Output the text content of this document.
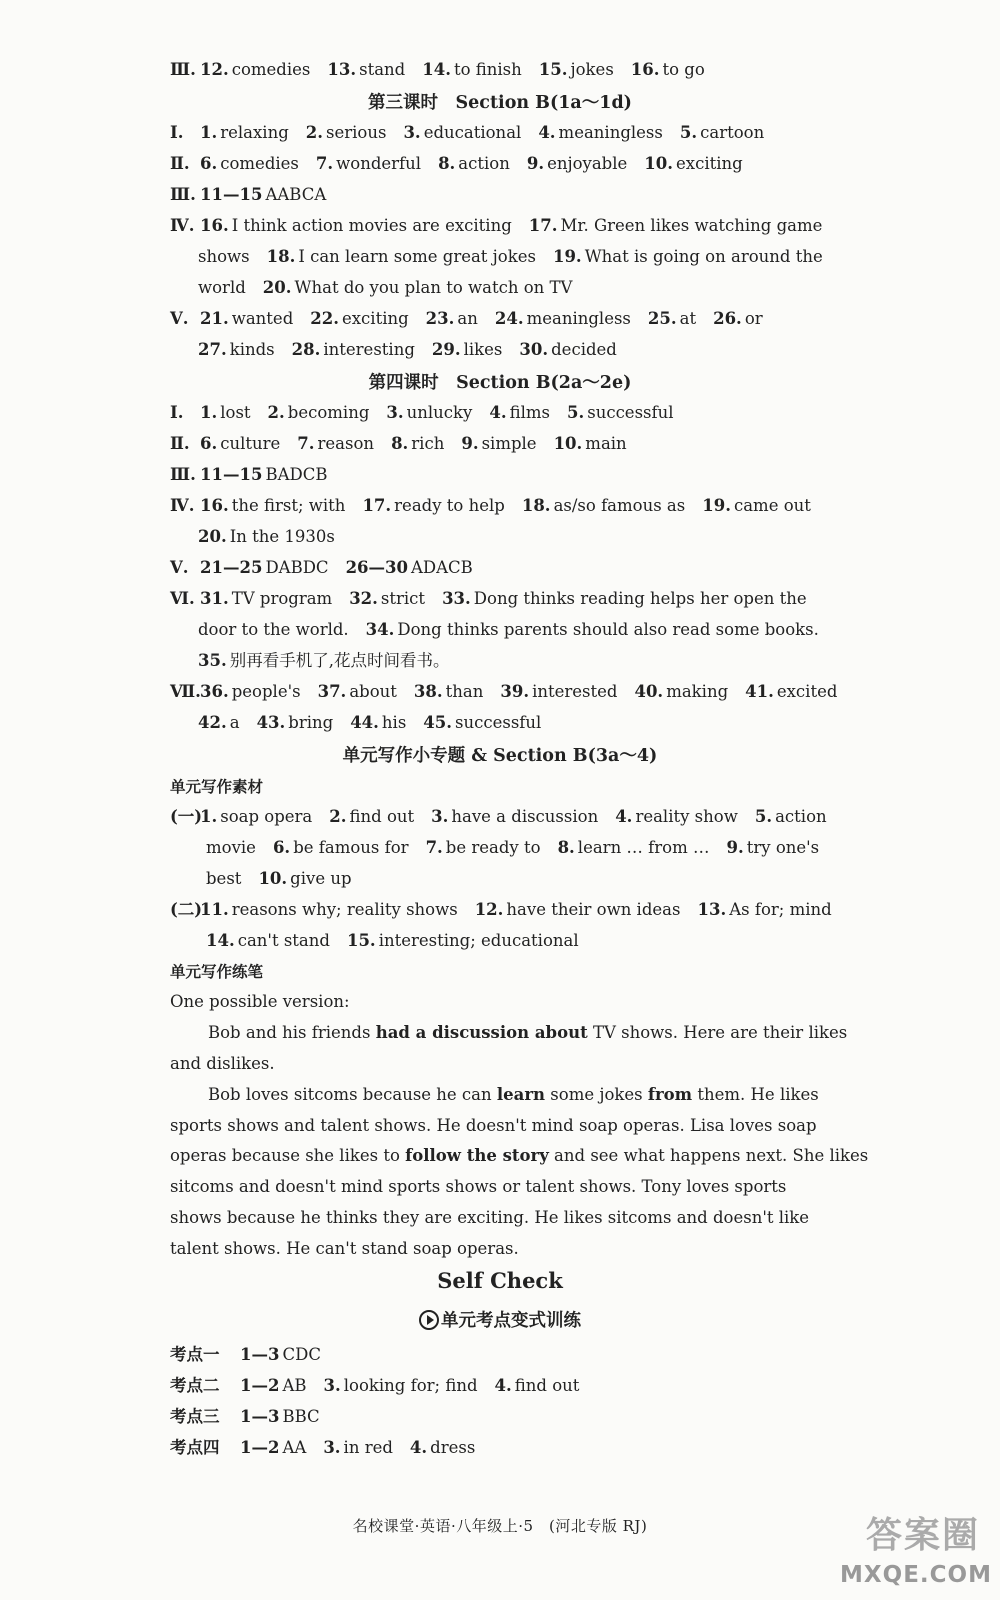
Ⅲ. 12. comedies 13. stand 14. to finish 15. jokes 16. to go
第三课时　Section B(1a～1d)
Ⅰ. 1. relaxing 2. serious 3. educational 4. meaningless 5. cartoon
Ⅱ. 6. comedies 7. wonderful 8. action 9. enjoyable 10. exciting
Ⅲ. 11—15 AABCA
Ⅳ. 16. I think action movies are exciting 17. Mr. Green likes watching game
shows 18. I can learn some great jokes 19. What is going on around the
world 20. What do you plan to watch on TV
Ⅴ. 21. wanted 22. exciting 23. an 24. meaningless 25. at 26. or
27. kinds 28. interesting 29. likes 30. decided
第四课时　Section B(2a～2e)
Ⅰ. 1. lost 2. becoming 3. unlucky 4. films 5. successful
Ⅱ. 6. culture 7. reason 8. rich 9. simple 10. main
Ⅲ. 11—15 BADCB
Ⅳ. 16. the first; with 17. ready to help 18. as/so famous as 19. came out
20. In the 1930s
Ⅴ. 21—25 DABDC 26—30 ADACB
Ⅵ. 31. TV program 32. strict 33. Dong thinks reading helps her open the
door to the world. 34. Dong thinks parents should also read some books.
35. 别再看手机了,花点时间看书。
Ⅶ.36. people's 37. about 38. than 39. interested 40. making 41. excited
42. a 43. bring 44. his 45. successful
单元写作小专题 & Section B(3a～4)
单元写作素材
(一)1. soap opera 2. find out 3. have a discussion 4. reality show 5. action
movie 6. be famous for 7. be ready to 8. learn … from … 9. try one's
best 10. give up
(二)11. reasons why; reality shows 12. have their own ideas 13. As for; mind
14. can't stand 15. interesting; educational
单元写作练笔
One possible version:
Bob and his friends had a discussion about TV shows. Here are their likes
and dislikes.
Bob loves sitcoms because he can learn some jokes from them. He likes
sports shows and talent shows. He doesn't mind soap operas. Lisa loves soap
operas because she likes to follow the story and see what happens next. She likes
sitcoms and doesn't mind sports shows or talent shows. Tony loves sports
shows because he thinks they are exciting. He likes sitcoms and doesn't like
talent shows. He can't stand soap operas.
Self Check
单元考点变式训练
考点一 1—3 CDC
考点二 1—2 AB 3. looking for; find 4. find out
考点三 1—3 BBC
考点四 1—2 AA 3. in red 4. dress
名校课堂·英语·八年级上·5　(河北专版 RJ)	答案圈
MXQE.COM
